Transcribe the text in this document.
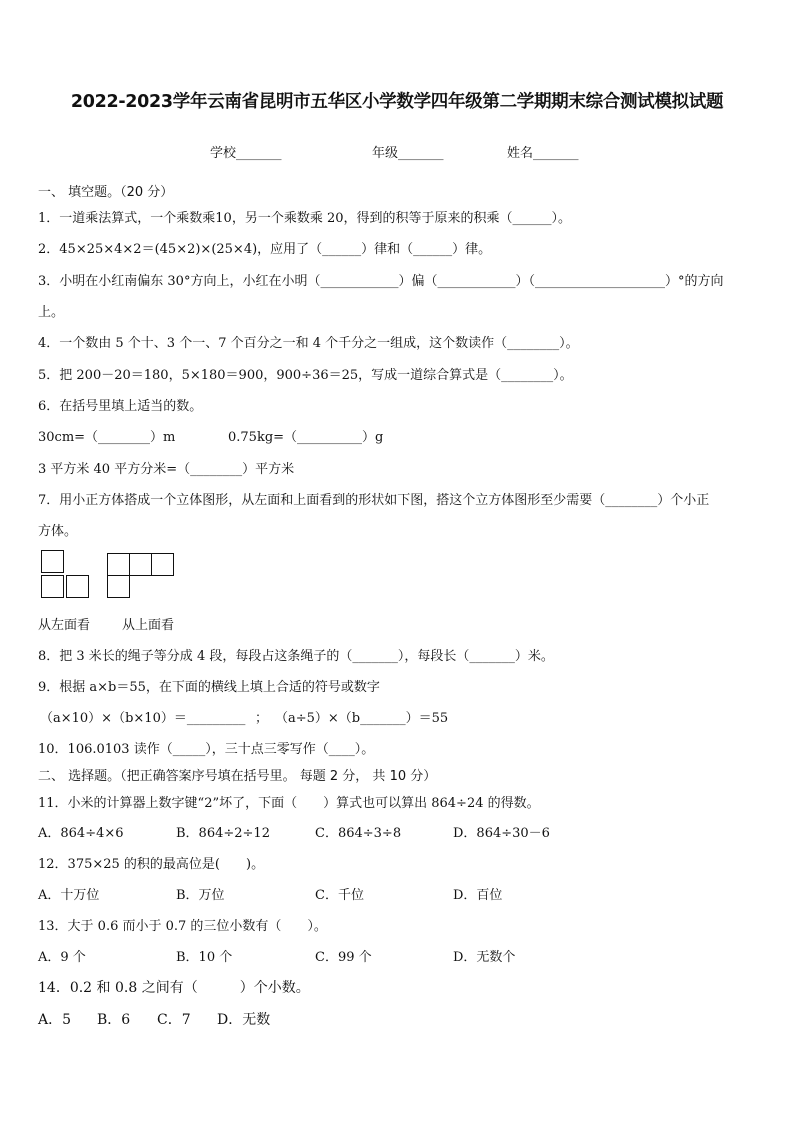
2022-2023学年云南省昆明市五华区小学数学四年级第二学期期末综合测试模拟试题
学校_______	年级_______	姓名_______
一、 填空题。（20 分）
1．一道乘法算式，一个乘数乘10，另一个乘数乘 20，得到的积等于原来的积乘（______）。
2．45×25×4×2＝(45×2)×(25×4)，应用了（______）律和（______）律。
3．小明在小红南偏东 30°方向上，小红在小明（____________）偏（____________）（____________________）°的方向
上。
4．一个数由 5 个十、3 个一、7 个百分之一和 4 个千分之一组成，这个数读作（________）。
5．把 200－20＝180，5×180＝900，900÷36＝25，写成一道综合算式是（________）。
6．在括号里填上适当的数。
30cm=（________）m	0.75kg=（__________）g
3 平方米 40 平方分米=（________）平方米
7．用小正方体搭成一个立体图形，从左面和上面看到的形状如下图，搭这个立方体图形至少需要（________）个小正
方体。
从左面看 从上面看
8．把 3 米长的绳子等分成 4 段，每段占这条绳子的（_______），每段长（_______）米。
9．根据 a×b＝55，在下面的横线上填上合适的符号或数字
（a×10）×（b×10）＝_________ ； （a÷5）×（b_______）＝55
10．106.0103 读作（_____），三十点三零写作（____）。
二、 选择题。（把正确答案序号填在括号里。 每题 2 分， 共 10 分）
11．小米的计算器上数字键“2”坏了，下面（　　）算式也可以算出 864÷24 的得数。
A．864÷4×6	B．864÷2÷12	C．864÷3÷8	D．864÷30－6
12．375×25 的积的最高位是(　　)。
A．十万位	B．万位	C．千位	D．百位
13．大于 0.6 而小于 0.7 的三位小数有（　　）。
A．9 个	B．10 个	C．99 个	D．无数个
14．0.2 和 0.8 之间有（　　　）个小数。
A．5 B．6 C．7 D．无数
